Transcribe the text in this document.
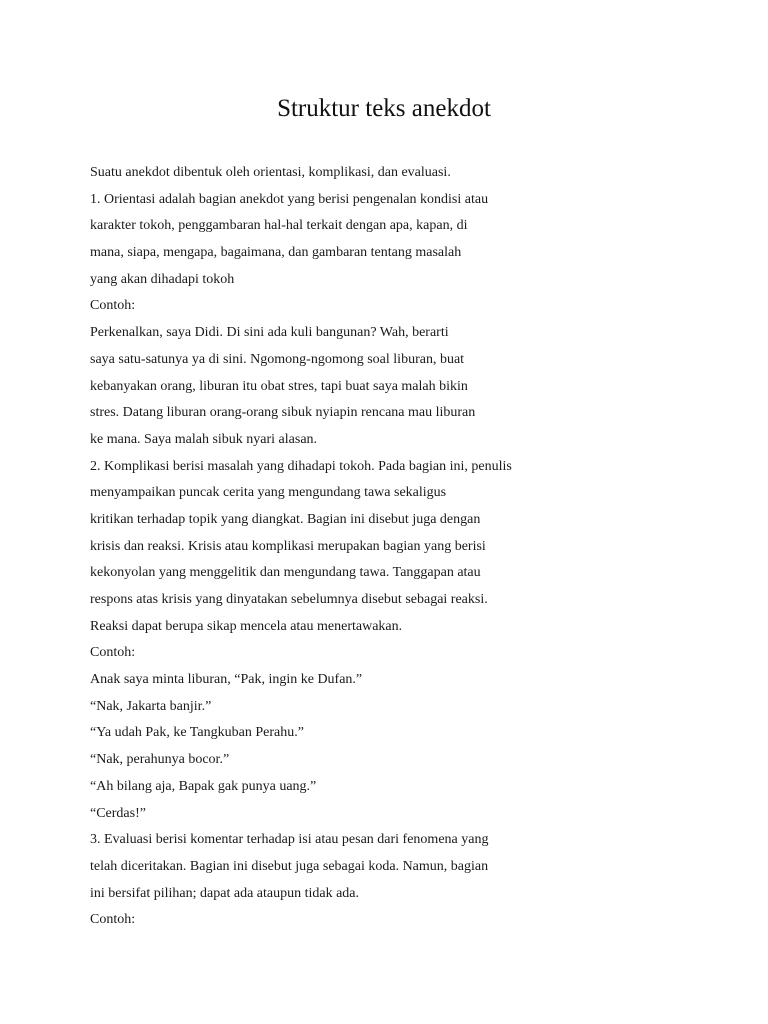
Struktur teks anekdot
Suatu anekdot dibentuk oleh orientasi, komplikasi, dan evaluasi.
1. Orientasi adalah bagian anekdot yang berisi pengenalan kondisi atau
karakter tokoh, penggambaran hal-hal terkait dengan apa, kapan, di
mana, siapa, mengapa, bagaimana, dan gambaran tentang masalah
yang akan dihadapi tokoh
Contoh:
Perkenalkan, saya Didi. Di sini ada kuli bangunan? Wah, berarti
saya satu-satunya ya di sini. Ngomong-ngomong soal liburan, buat
kebanyakan orang, liburan itu obat stres, tapi buat saya malah bikin
stres. Datang liburan orang-orang sibuk nyiapin rencana mau liburan
ke mana. Saya malah sibuk nyari alasan.
2. Komplikasi berisi masalah yang dihadapi tokoh. Pada bagian ini, penulis
menyampaikan puncak cerita yang mengundang tawa sekaligus
kritikan terhadap topik yang diangkat. Bagian ini disebut juga dengan
krisis dan reaksi. Krisis atau komplikasi merupakan bagian yang berisi
kekonyolan yang menggelitik dan mengundang tawa. Tanggapan atau
respons atas krisis yang dinyatakan sebelumnya disebut sebagai reaksi.
Reaksi dapat berupa sikap mencela atau menertawakan.
Contoh:
Anak saya minta liburan, “Pak, ingin ke Dufan.”
“Nak, Jakarta banjir.”
“Ya udah Pak, ke Tangkuban Perahu.”
“Nak, perahunya bocor.”
“Ah bilang aja, Bapak gak punya uang.”
“Cerdas!”
3. Evaluasi berisi komentar terhadap isi atau pesan dari fenomena yang
telah diceritakan. Bagian ini disebut juga sebagai koda. Namun, bagian
ini bersifat pilihan; dapat ada ataupun tidak ada.
Contoh:
